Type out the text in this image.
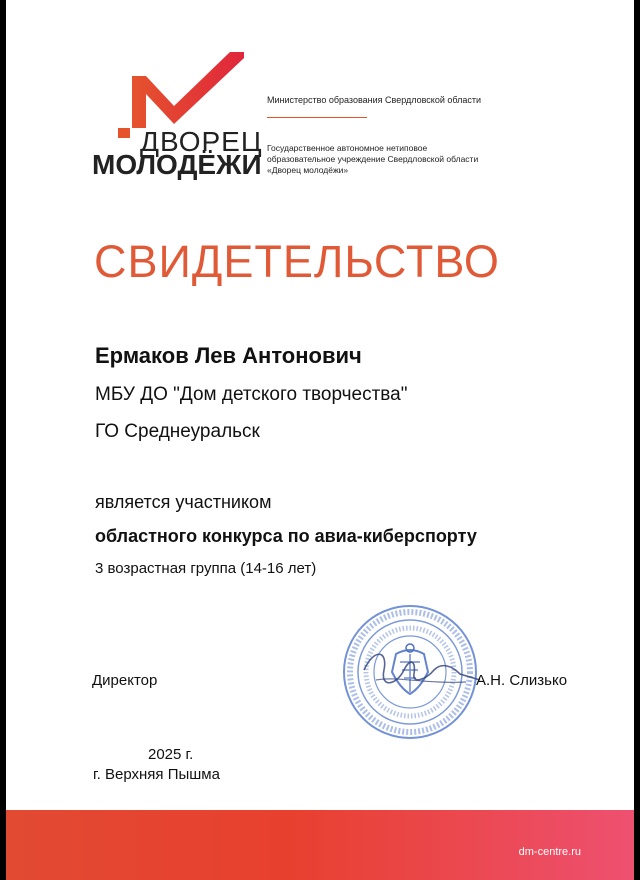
ДВОРЕЦ
МОЛОДЁЖИ
Министерство образования Свердловской области
Государственное автономное нетиповое
образовательное учреждение Свердловской области
«Дворец молодёжи»
СВИДЕТЕЛЬСТВО
Ермаков Лев Антонович
МБУ ДО "Дом детского творчества"
ГО Среднеуральск
является участником
областного конкурса по авиа-киберспорту
3 возрастная группа (14-16 лет)
Директор	А.Н. Слизько
2025 г.
г. Верхняя Пышма
dm-centre.ru
